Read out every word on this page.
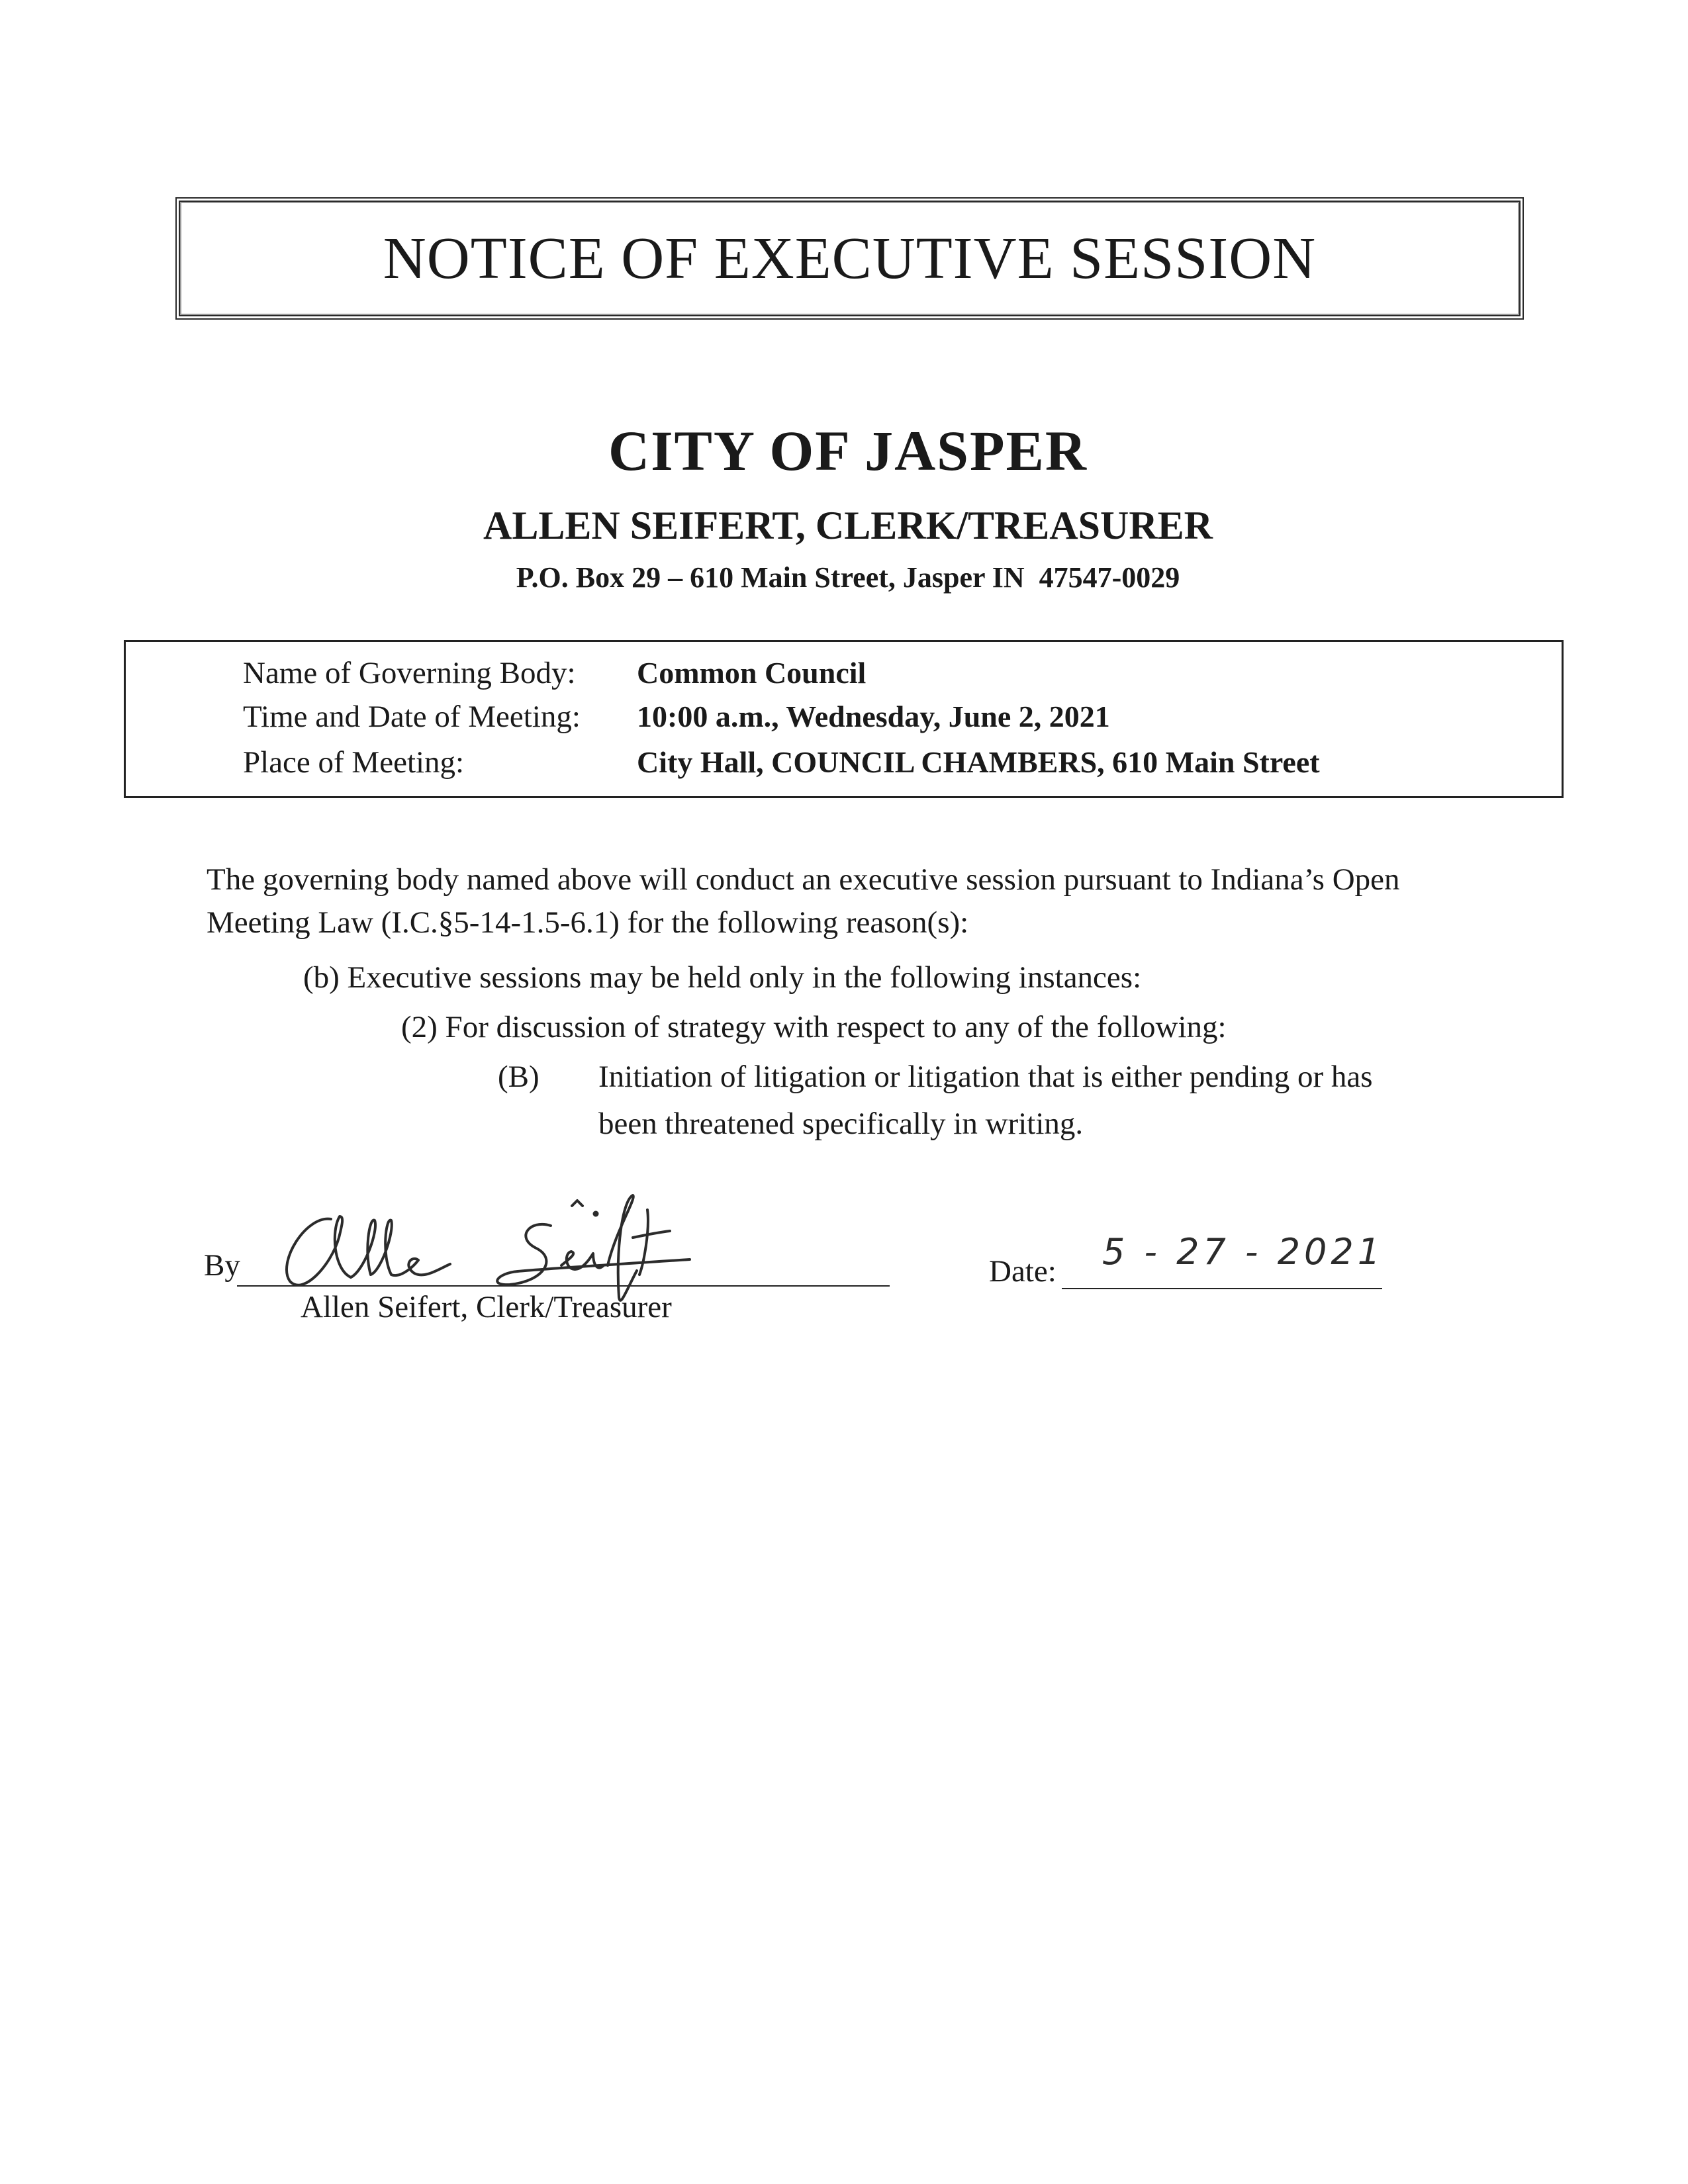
NOTICE OF EXECUTIVE SESSION
CITY OF JASPER
ALLEN SEIFERT, CLERK/TREASURER
P.O. Box 29 – 610 Main Street, Jasper IN  47547-0029
Name of Governing Body: Common Council
Time and Date of Meeting: 10:00 a.m., Wednesday, June 2, 2021
Place of Meeting:	City Hall, COUNCIL CHAMBERS, 610 Main Street
The governing body named above will conduct an executive session pursuant to Indiana’s Open
Meeting Law (I.C.§5-14-1.5-6.1) for the following reason(s):
(b) Executive sessions may be held only in the following instances:
(2) For discussion of strategy with respect to any of the following:
(B) Initiation of litigation or litigation that is either pending or has
been threatened specifically in writing.
By
Allen Seifert, Clerk/Treasurer
Date: 5 - 27 - 2021
